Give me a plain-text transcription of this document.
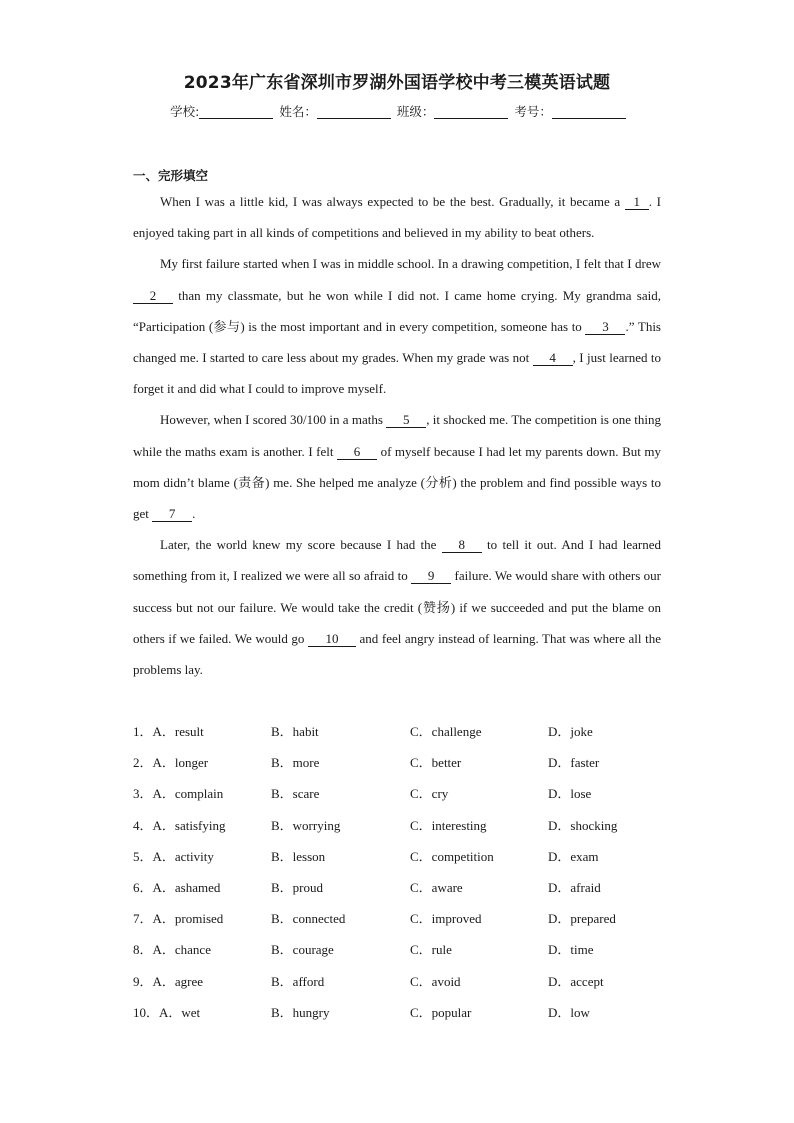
2023年广东省深圳市罗湖外国语学校中考三模英语试题
学校:	姓名：	班级：	考号：
一、完形填空

When I was a little kid, I was always expected to be the best. Gradually, it became a 1 . I enjoyed taking part in all kinds of competitions and believed in my ability to beat others.

My first failure started when I was in middle school. In a drawing competition, I felt that I drew 2 than my classmate, but he won while I did not. I came home crying. My grandma said, “Participation (参与) is the most important and in every competition, someone has to 3 .” This changed me. I started to care less about my grades. When my grade was not 4 , I just learned to forget it and did what I could to improve myself.

However, when I scored 30/100 in a maths 5 , it shocked me. The competition is one thing while the maths exam is another. I felt 6 of myself because I had let my parents down. But my mom didn’t blame (责备) me. She helped me analyze (分析) the problem and find possible ways to get 7 .

Later, the world knew my score because I had the 8 to tell it out. And I had learned something from it, I realized we were all so afraid to 9 failure. We would share with others our success but not our failure. We would take the credit (赞扬) if we succeeded and put the blame on others if we failed. We would go 10 and feel angry instead of learning. That was where all the problems lay.

1．A．result	B．habit	C．challenge	D．joke
2．A．longer	B．more	C．better	D．faster
3．A．complain	B．scare	C．cry	D．lose
4．A．satisfying	B．worrying	C．interesting	D．shocking
5．A．activity	B．lesson	C．competition	D．exam
6．A．ashamed	B．proud	C．aware	D．afraid
7．A．promised	B．connected	C．improved	D．prepared
8．A．chance	B．courage	C．rule	D．time
9．A．agree	B．afford	C．avoid	D．accept
10．A．wet	B．hungry	C．popular	D．low
